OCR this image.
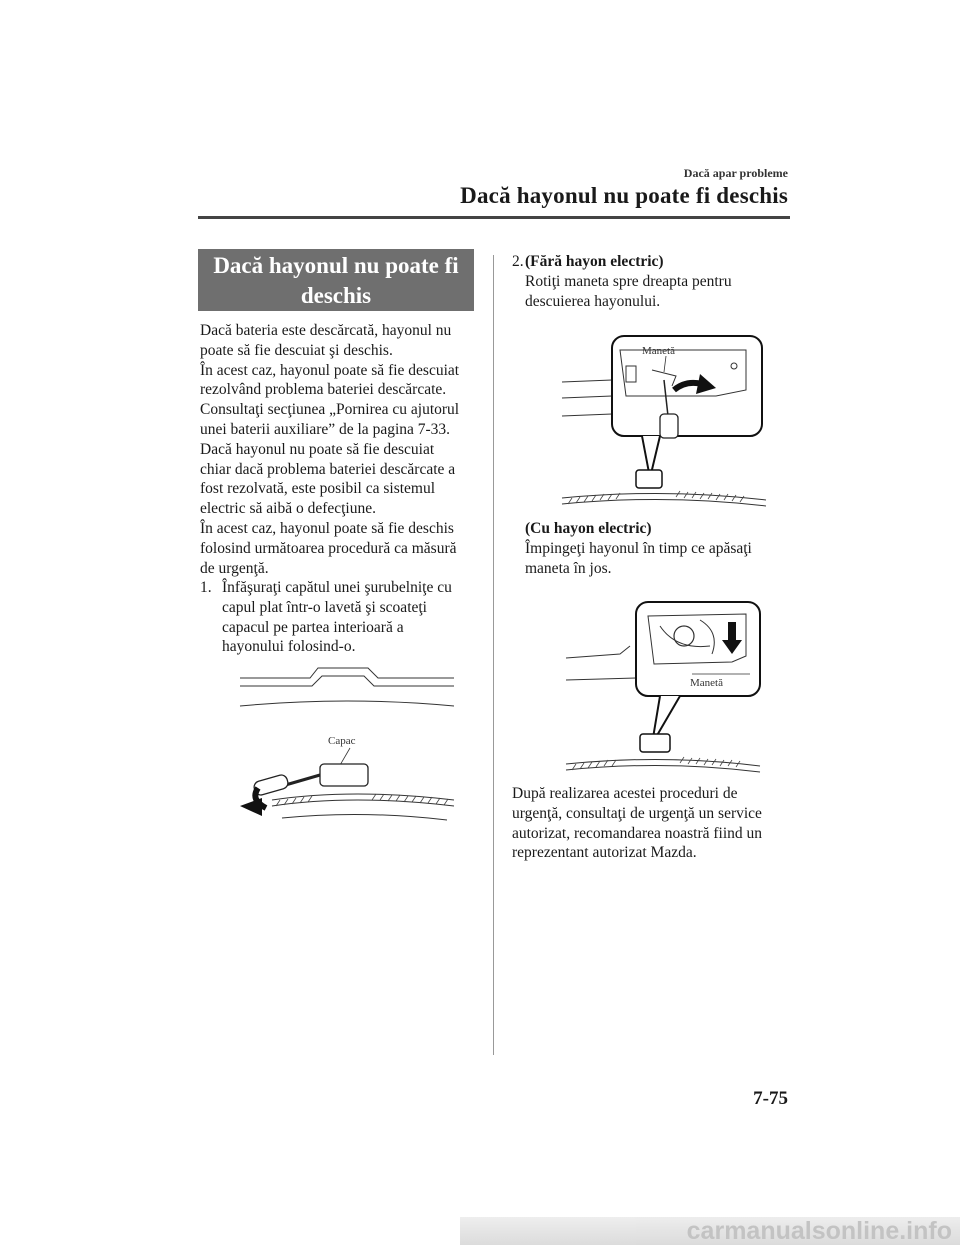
Dacă apar probleme
Dacă hayonul nu poate fi deschis
Dacă hayonul nu poate fi
deschis
Dacă bateria este descărcată, hayonul nu
poate să fie descuiat şi deschis.
În acest caz, hayonul poate să fie descuiat
rezolvând problema bateriei descărcate.
Consultaţi secţiunea „Pornirea cu ajutorul
unei baterii auxiliare” de la pagina 7-33.
Dacă hayonul nu poate să fie descuiat
chiar dacă problema bateriei descărcate a
fost rezolvată, este posibil ca sistemul
electric să aibă o defecţiune.
În acest caz, hayonul poate să fie deschis
folosind următoarea procedură ca măsură
de urgenţă.
1. Înfăşuraţi capătul unei şurubelniţe cu
capul plat într-o lavetă şi scoateţi
capacul pe partea interioară a
hayonului folosind-o.
Capac
2. (Fără hayon electric)
Rotiţi maneta spre dreapta pentru
descuierea hayonului.
Manetă
(Cu hayon electric)
Împingeţi hayonul în timp ce apăsaţi
maneta în jos.
Manetă
După realizarea acestei proceduri de
urgenţă, consultaţi de urgenţă un service
autorizat, recomandarea noastră fiind un
reprezentant autorizat Mazda.
7-75
carmanualsonline.info
